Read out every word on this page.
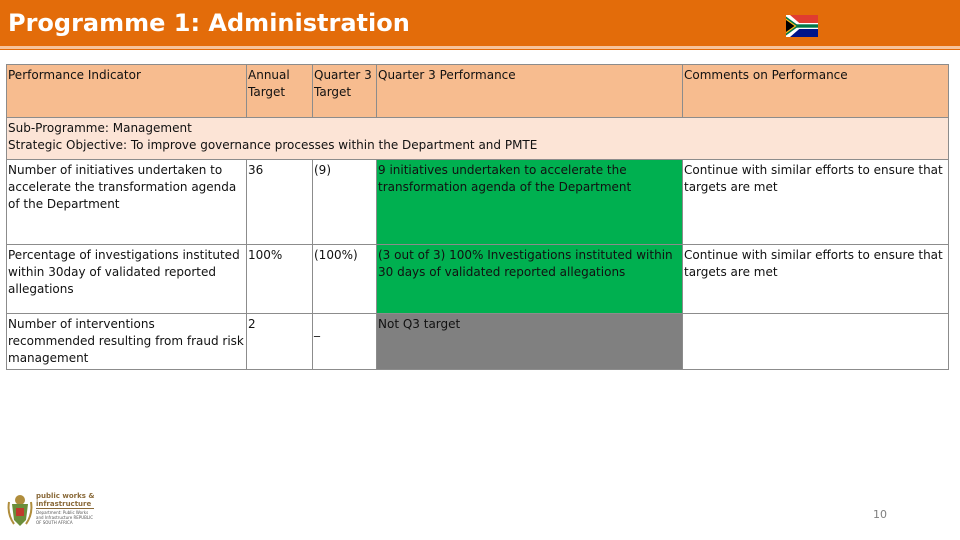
Programme 1: Administration
Performance Indicator	Annual Target	Quarter 3 Target	Quarter 3 Performance	Comments on Performance

Sub-Programme: Management
Strategic Objective: To improve governance processes within the Department and PMTE				

Number of initiatives undertaken to accelerate the transformation agenda of the Department	36	(9)	9 initiatives undertaken to accelerate the transformation agenda of the Department	Continue with similar efforts to ensure that targets are met
Percentage of investigations instituted within 30day of validated reported allegations	100%	(100%)	(3 out of 3) 100% Investigations instituted within 30 days of validated reported allegations	Continue with similar efforts to ensure that targets are met
Number of interventions recommended resulting from fraud risk management	2	_	Not Q3 target	
public works & infrastructure
Department: Public Works and Infrastructure REPUBLIC OF SOUTH AFRICA
10
